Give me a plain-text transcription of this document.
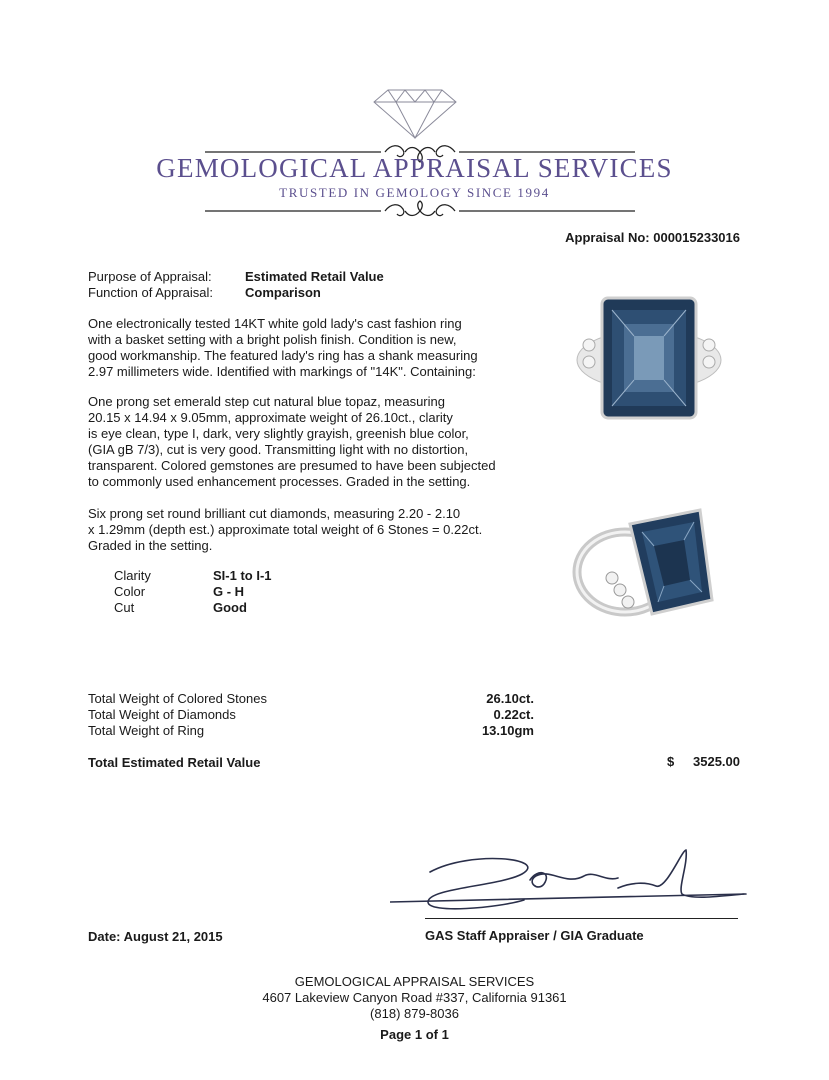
GEMOLOGICAL APPRAISAL SERVICES
TRUSTED IN GEMOLOGY SINCE 1994
Appraisal No: 000015233016
Purpose of Appraisal:	Estimated Retail Value
Function of Appraisal: Comparison
One electronically tested 14KT white gold lady's cast fashion ring
with a basket setting with a bright polish finish. Condition is new,
good workmanship. The featured lady's ring has a shank measuring
2.97 millimeters wide. Identified with markings of "14K". Containing:
One prong set emerald step cut natural blue topaz, measuring
20.15 x 14.94 x 9.05mm, approximate weight of 26.10ct., clarity
is eye clean, type I, dark, very slightly grayish, greenish blue color,
(GIA gB 7/3), cut is very good. Transmitting light with no distortion,
transparent. Colored gemstones are presumed to have been subjected
to commonly used enhancement processes. Graded in the setting.
Six prong set round brilliant cut diamonds, measuring 2.20 - 2.10
x 1.29mm (depth est.) approximate total weight of 6 Stones = 0.22ct.
Graded in the setting.
Clarity	SI-1 to I-1
Color	G - H
Cut	Good
Total Weight of Colored Stones	26.10ct.
Total Weight of Diamonds	0.22ct.
Total Weight of Ring	13.10gm
Total Estimated Retail Value	$	3525.00
Date: August 21, 2015	GAS Staff Appraiser / GIA Graduate
GEMOLOGICAL APPRAISAL SERVICES
4607 Lakeview Canyon Road #337, California 91361
(818) 879-8036
Page 1 of 1
